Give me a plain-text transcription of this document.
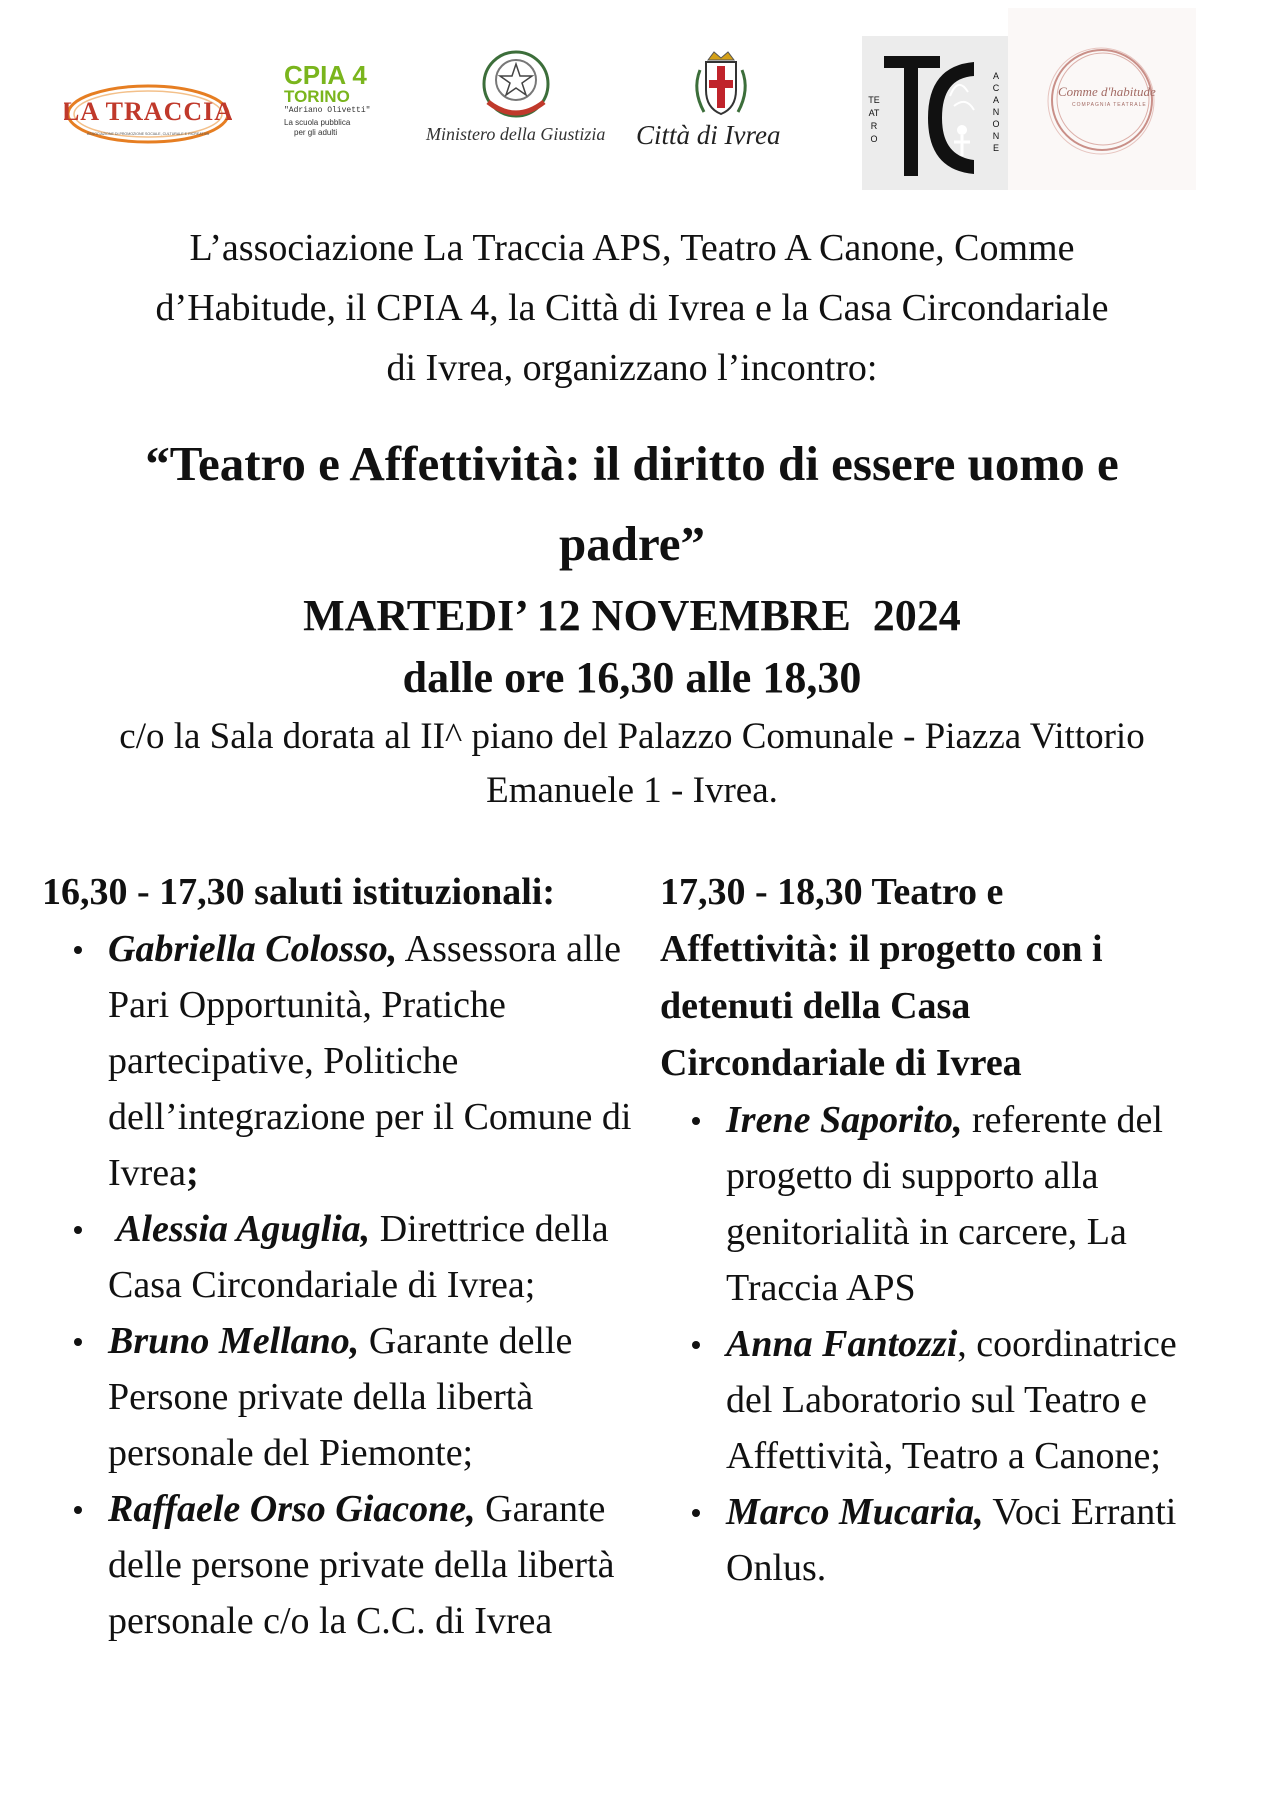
LA TRACCIA
ASSOCIAZIONE DI PROMOZIONE SOCIALE, CULTURALE E RICREATIVA
CPIA 4
TORINO
"Adriano Olivetti"
La scuola pubblica
per gli adulti	Ministero della Giustizia Città di Ivrea
TEATRO
A CANONE
Comme d'habitude
COMPAGNIA TEATRALE
L’associazione La Traccia APS, Teatro A Canone, Comme
d’Habitude, il CPIA 4, la Città di Ivrea e la Casa Circondariale
di Ivrea, organizzano l’incontro:
“Teatro e Affettività: il diritto di essere uomo e
padre”
MARTEDI’ 12 NOVEMBRE  2024
dalle ore 16,30 alle 18,30
c/o la Sala dorata al II^ piano del Palazzo Comunale - Piazza Vittorio
Emanuele 1 - Ivrea.
16,30 - 17,30 saluti istituzionali:
Gabriella Colosso, Assessora alle Pari Opportunità, Pratiche partecipative, Politiche dell’integrazione per il Comune di Ivrea;
Alessia Aguglia, Direttrice della Casa Circondariale di Ivrea;
Bruno Mellano, Garante delle Persone private della libertà personale del Piemonte;
Raffaele Orso Giacone, Garante delle persone private della libertà personale c/o la C.C. di Ivrea
17,30 - 18,30 Teatro e Affettività: il progetto con i detenuti della Casa Circondariale di Ivrea
Irene Saporito, referente del progetto di supporto alla genitorialità in carcere, La Traccia APS
Anna Fantozzi, coordinatrice del Laboratorio sul Teatro e Affettività, Teatro a Canone;
Marco Mucaria, Voci Erranti Onlus.
